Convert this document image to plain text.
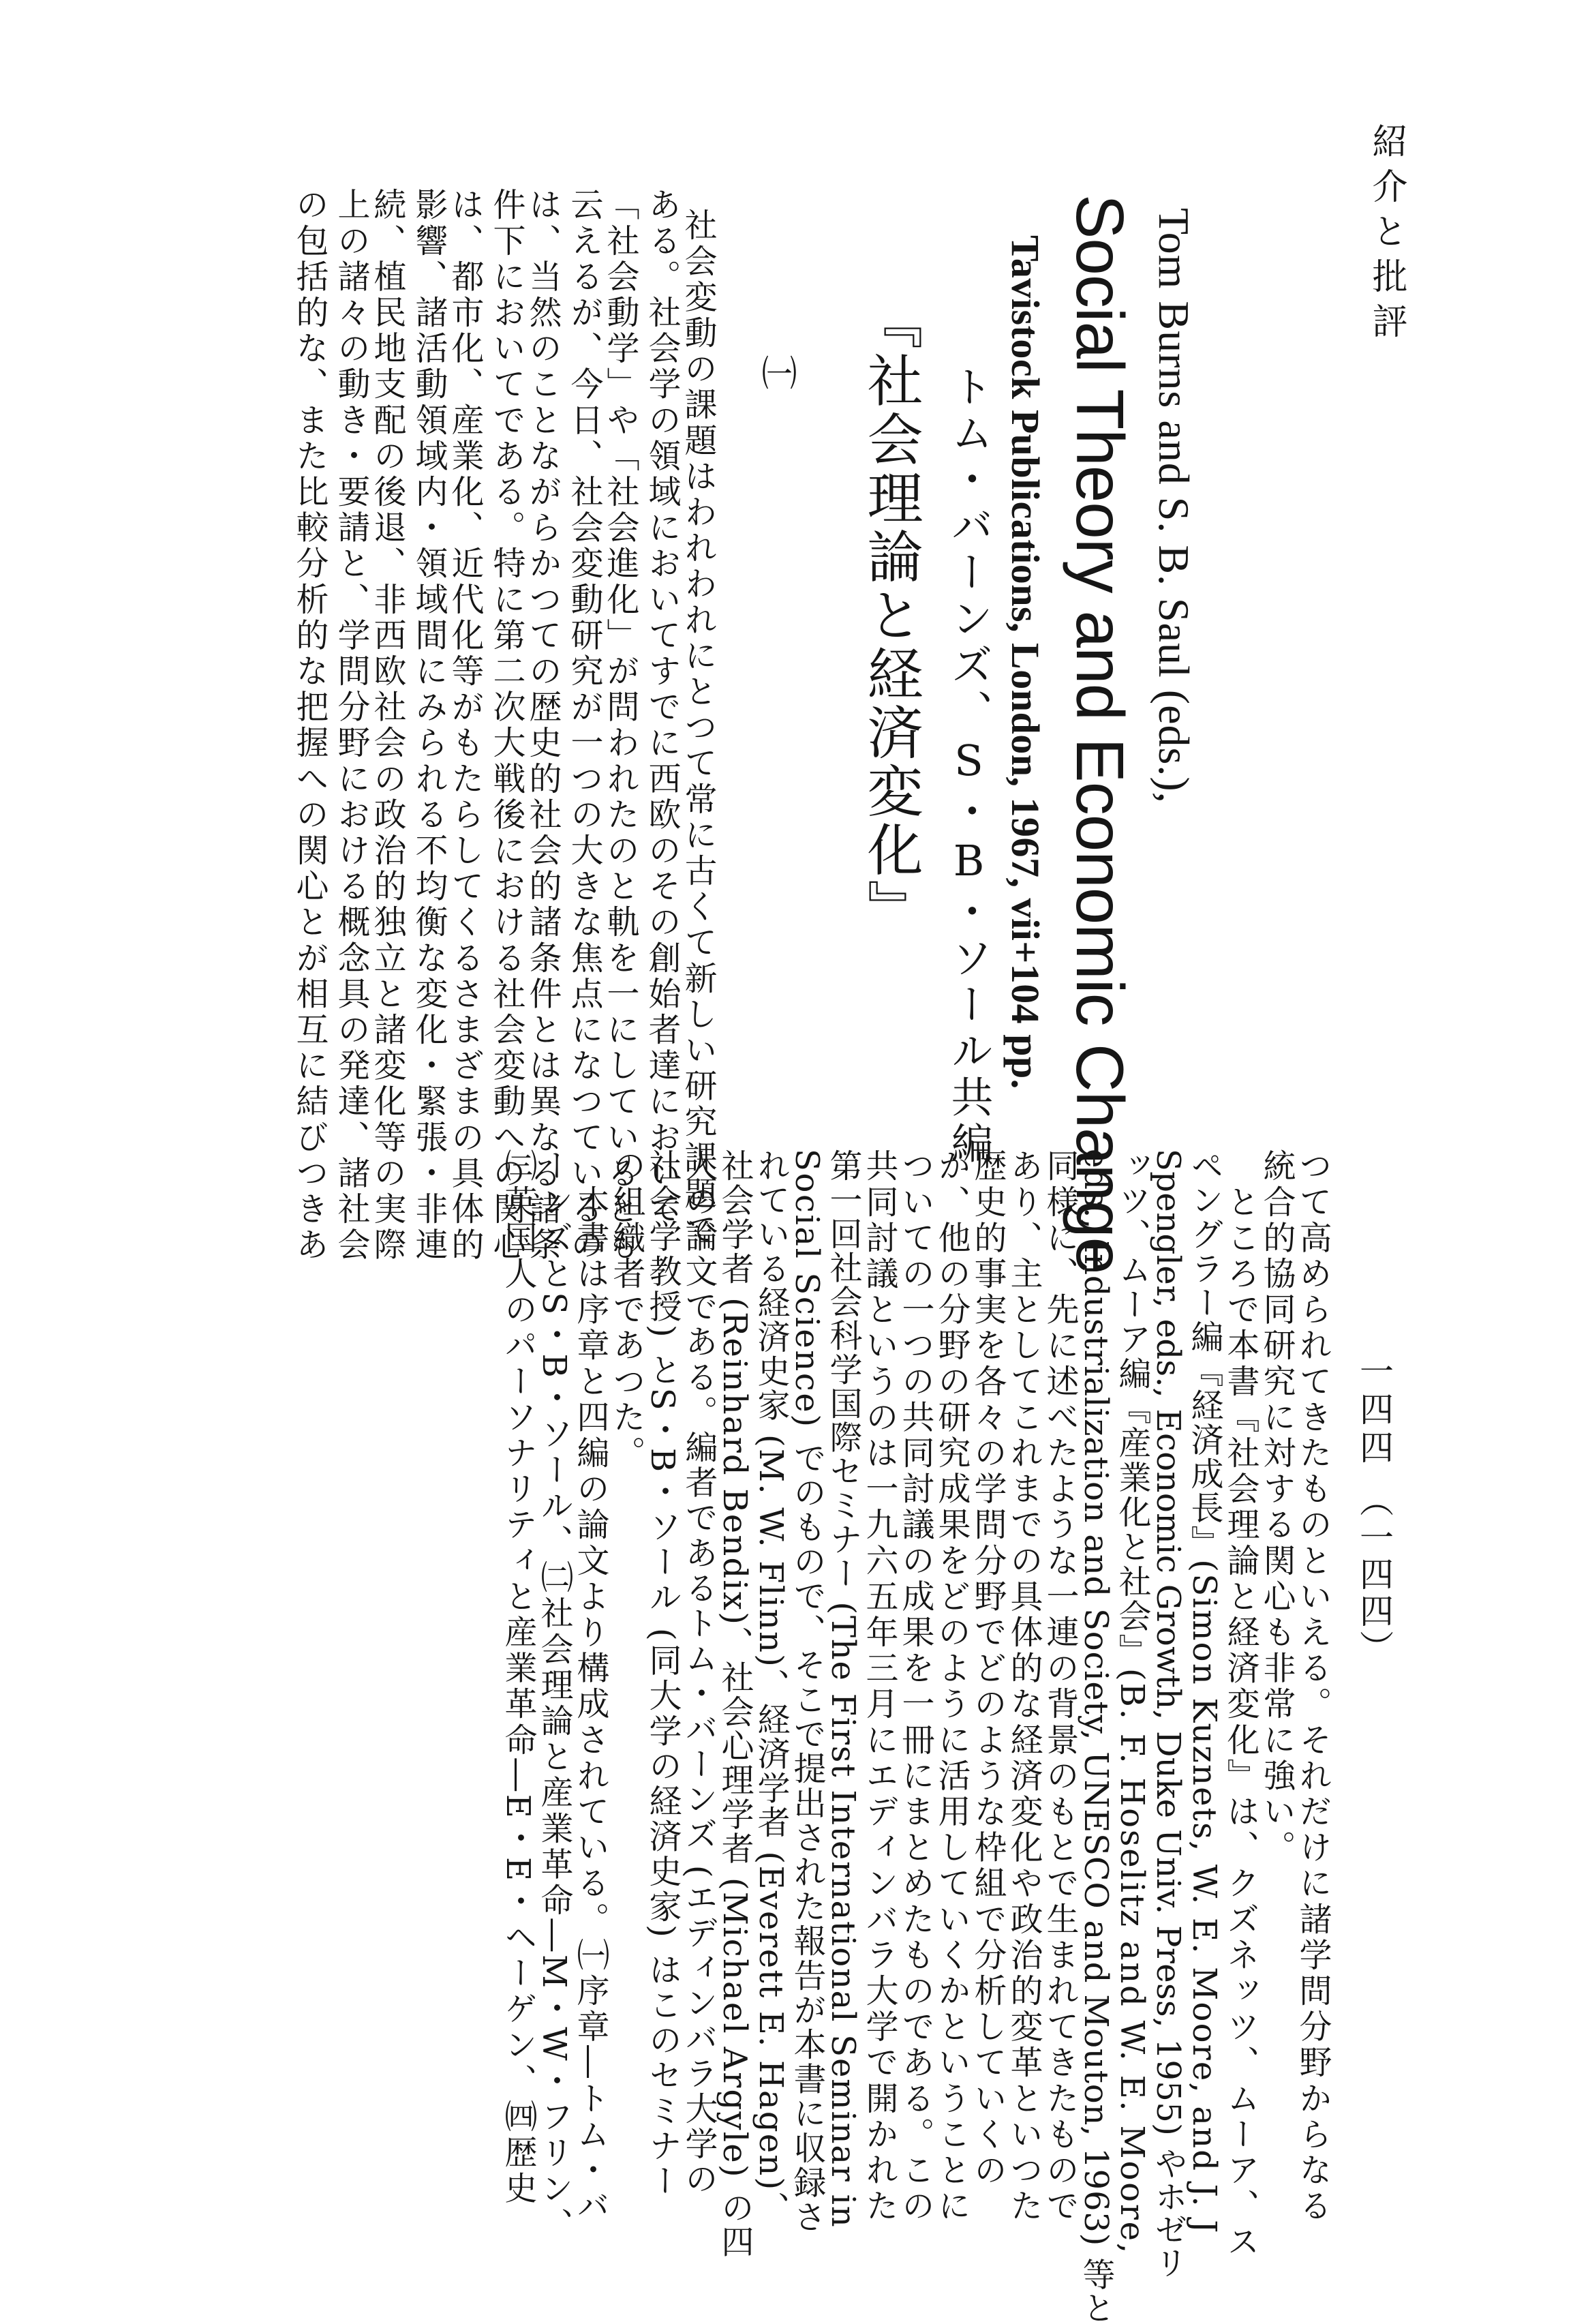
紹介と批評
一四四
（一四四）
Tom Burns and S. B. Saul (eds.),
Social Theory and Economic Change
Tavistock Publications, London, 1967, vii+104 pp.
トム・バーンズ、S・B・ソール共編
『社会理論と経済変化』
㈠
社会変動の課題はわれわれにとつて常に古くて新しい研究課題で
ある。社会学の領域においてすでに西欧のその創始者達において
「社会動学」や「社会進化」が問われたのと軌を一にしているとも
云えるが、今日、社会変動研究が一つの大きな焦点になつているの
は、当然のことながらかつての歴史的社会的諸条件とは異なる諸条
件下においてである。特に第二次大戦後における社会変動への関心
は、都市化、産業化、近代化等がもたらしてくるさまざまの具体的
影響、諸活動領域内・領域間にみられる不均衡な変化・緊張・非連
続、植民地支配の後退、非西欧社会の政治的独立と諸変化等の実際
上の諸々の動き・要請と、学問分野における概念具の発達、諸社会
の包括的な、また比較分析的な把握への関心とが相互に結びつきあ
つて高められてきたものといえる。それだけに諸学問分野からなる
統合的協同研究に対する関心も非常に強い。
　ところで本書『社会理論と経済変化』は、クズネッツ、ムーア、ス
ペングラー編『経済成長』(Simon Kuznets, W. E. Moore, and J. J
Spengler, eds., Economic Growth, Duke Univ. Press, 1955) やホゼリ
ッツ、ムーア編『産業化と社会』(B. F. Hoselitz and W. E. Moore,
eds., Industrialization and Society, UNESCO and Mouton, 1963) 等と
同様に、先に述べたような一連の背景のもとで生まれてきたもので
あり、主としてこれまでの具体的な経済変化や政治的変革といつた
歴史的事実を各々の学問分野でどのような枠組で分析していくの
か、他の分野の研究成果をどのように活用していくかということに
ついての一つの共同討議の成果を一冊にまとめたものである。この
共同討議というのは一九六五年三月にエディンバラ大学で開かれた
第一回社会科学国際セミナー (The First International Seminar in
Social Science) でのもので、そこで提出された報告が本書に収録さ
れている経済史家 (M. W. Flinn)、経済学者 (Everett E. Hagen)、
社会学者 (Reinhard Bendix)、社会心理学者 (Michael Argyle) の四
人の論文である。編者であるトム・バーンズ (エディンバラ大学の
社会学教授) とS・B・ソール (同大学の経済史家) はこのセミナー
の組織者であつた。
　本書は序章と四編の論文より構成されている。㈠序章―トム・バ
ーンズとS・B・ソール、㈡社会理論と産業革命―M・W・フリン、
㈢英国人のパーソナリティと産業革命―E・E・ヘーゲン、㈣歴史
